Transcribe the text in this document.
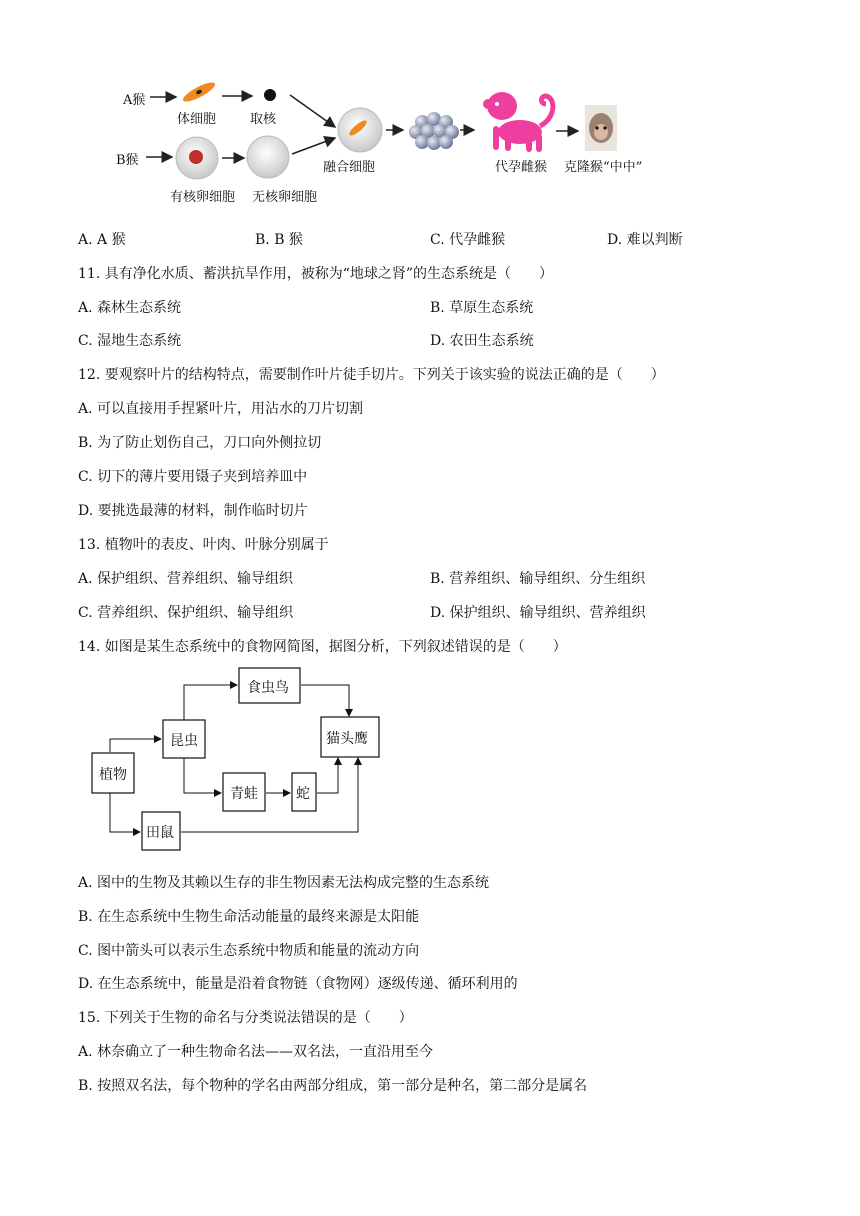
A猴
B猴
体细胞	取核
有核卵细胞 无核卵细胞
融合细胞	代孕雌猴 克隆猴“中中”
A. A 猴	B. B 猴	C. 代孕雌猴	D. 难以判断
11. 具有净化水质、蓄洪抗旱作用，被称为“地球之肾”的生态系统是（　　）
A. 森林生态系统	B. 草原生态系统
C. 湿地生态系统	D. 农田生态系统
12. 要观察叶片的结构特点，需要制作叶片徒手切片。下列关于该实验的说法正确的是（　　）
A. 可以直接用手捏紧叶片，用沾水的刀片切割
B. 为了防止划伤自己，刀口向外侧拉切
C. 切下的薄片要用镊子夹到培养皿中
D. 要挑选最薄的材料，制作临时切片
13. 植物叶的表皮、叶肉、叶脉分别属于
A. 保护组织、营养组织、输导组织	B. 营养组织、输导组织、分生组织
C. 营养组织、保护组织、输导组织	D. 保护组织、输导组织、营养组织
14. 如图是某生态系统中的食物网简图，据图分析，下列叙述错误的是（　　）
食虫鸟
昆虫	猫头鹰
植物
青蛙	蛇
田鼠
A. 图中的生物及其赖以生存的非生物因素无法构成完整的生态系统
B. 在生态系统中生物生命活动能量的最终来源是太阳能
C. 图中箭头可以表示生态系统中物质和能量的流动方向
D. 在生态系统中，能量是沿着食物链（食物网）逐级传递、循环利用的
15. 下列关于生物的命名与分类说法错误的是（　　）
A. 林奈确立了一种生物命名法——双名法，一直沿用至今
B. 按照双名法，每个物种的学名由两部分组成，第一部分是种名，第二部分是属名
